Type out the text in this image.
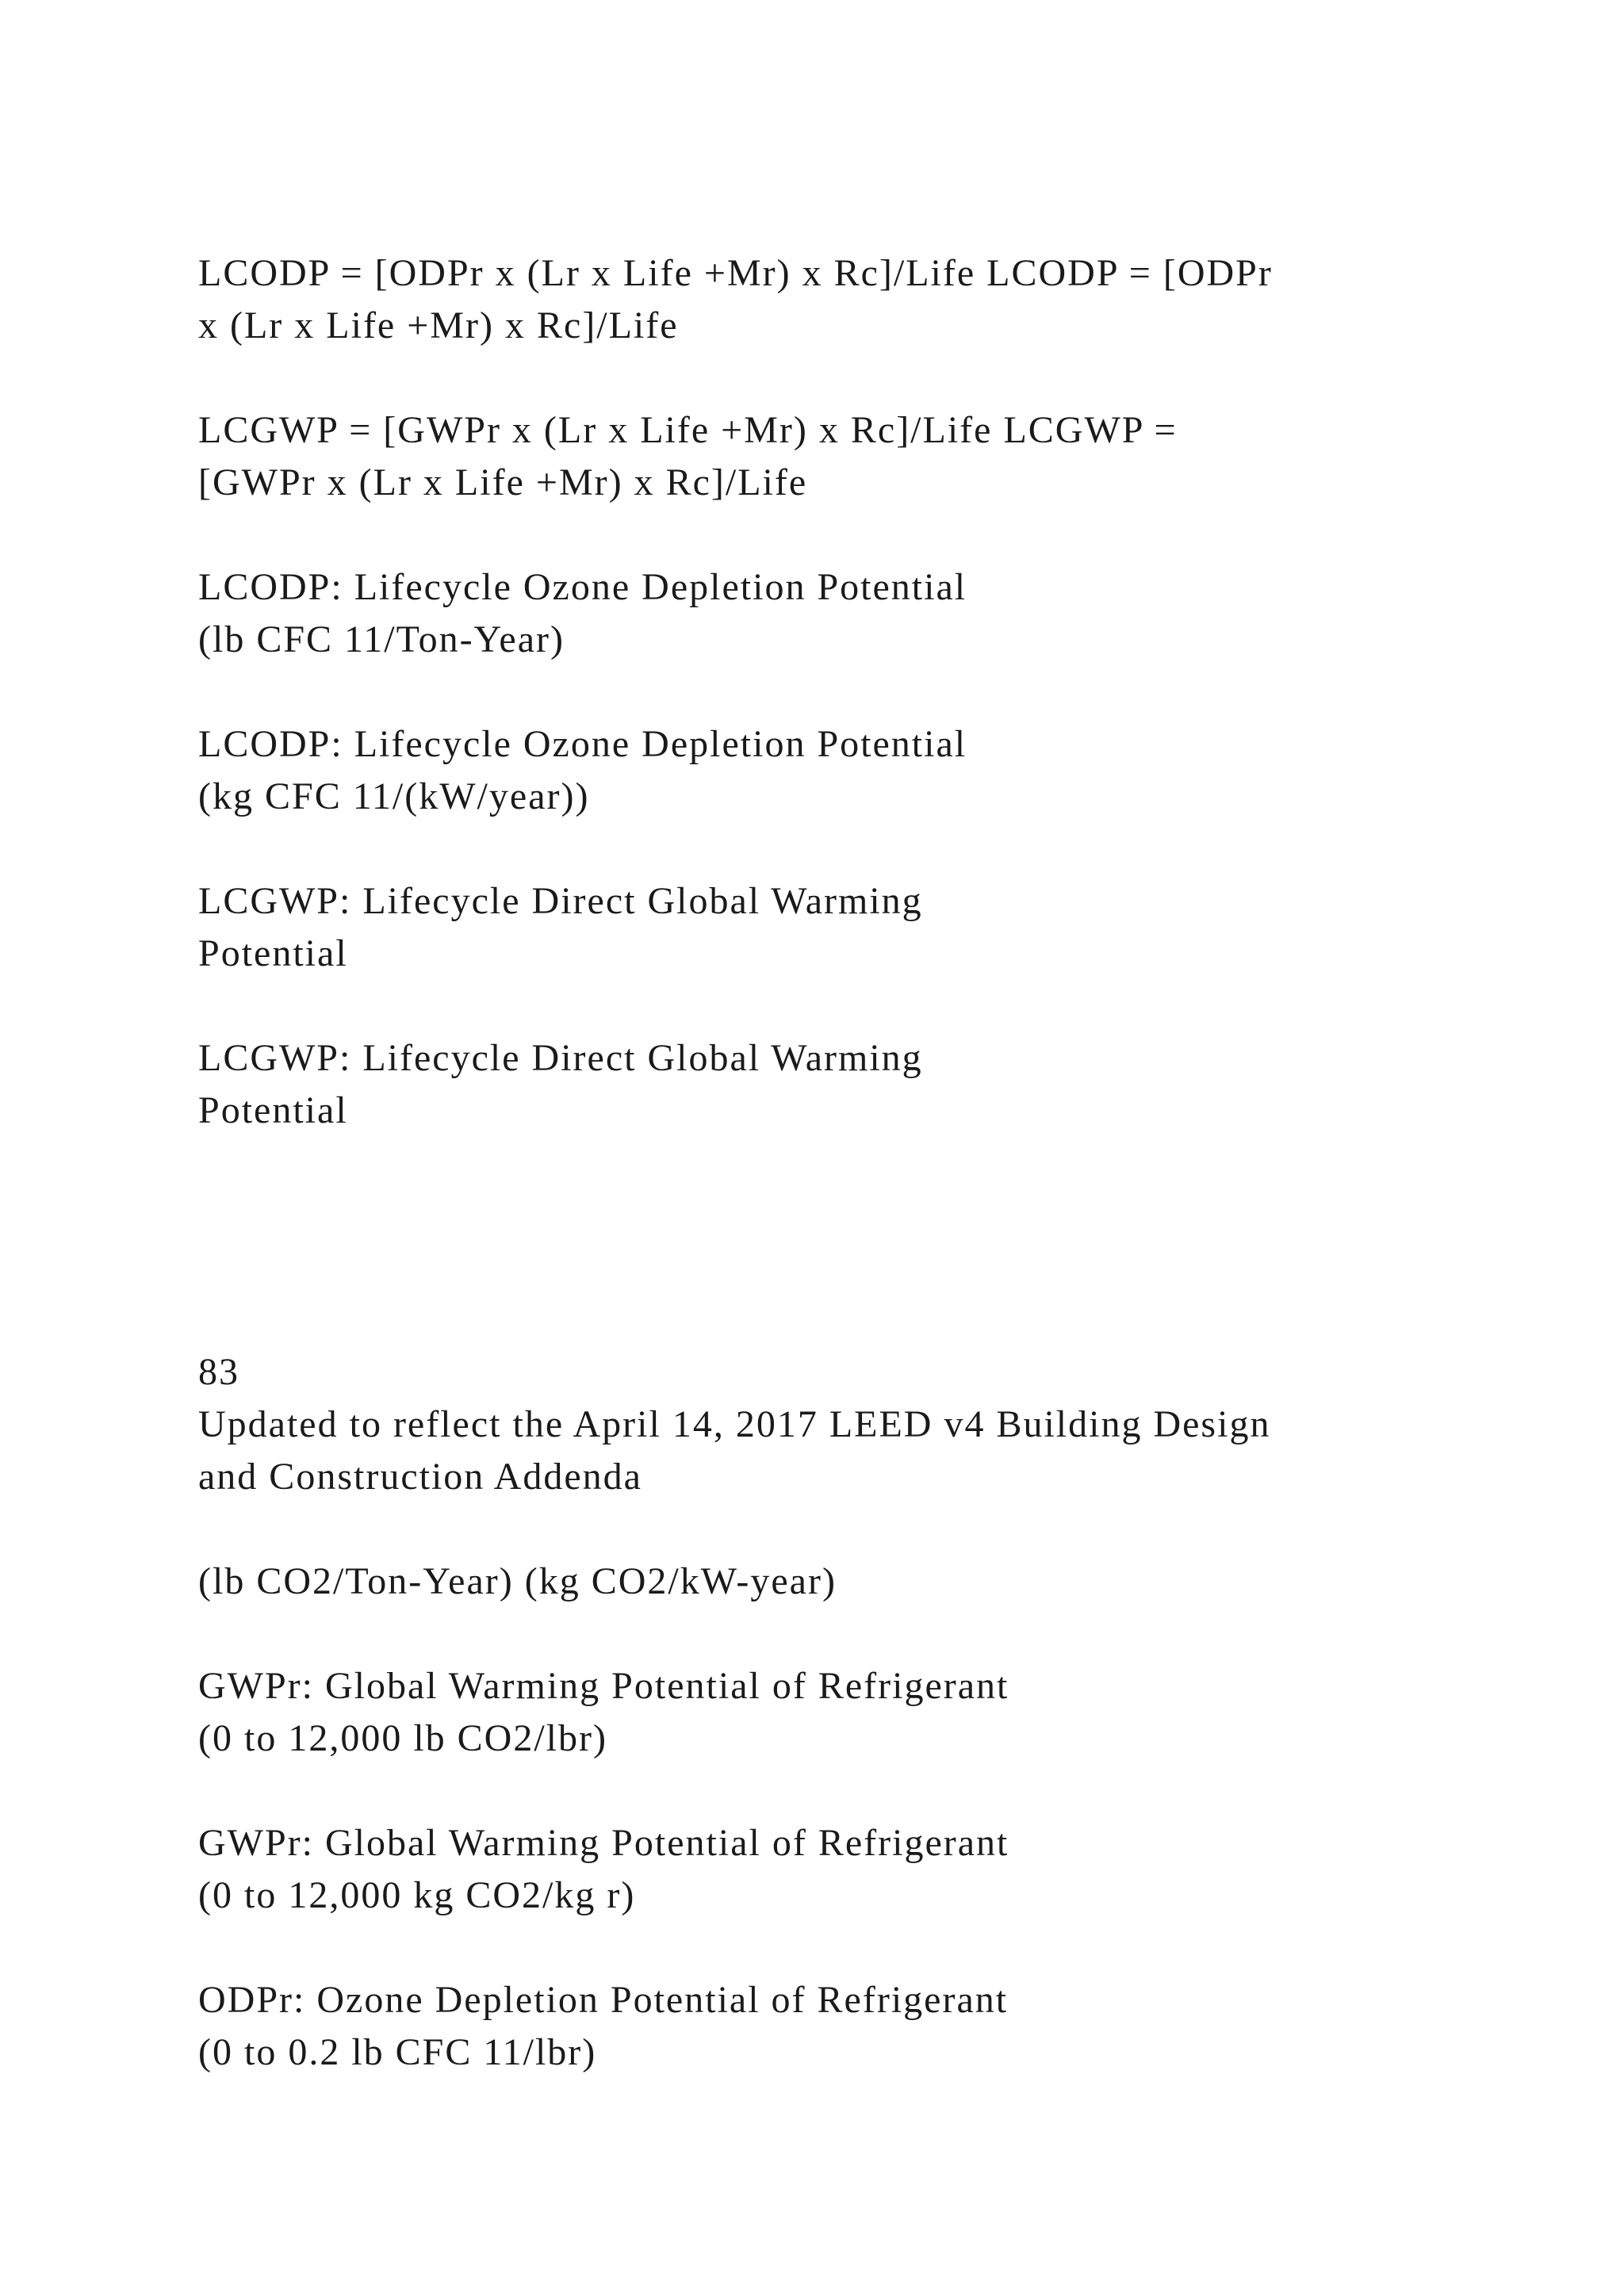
LCODP = [ODPr x (Lr x Life +Mr) x Rc]/Life LCODP = [ODPr
x (Lr x Life +Mr) x Rc]/Life

LCGWP = [GWPr x (Lr x Life +Mr) x Rc]/Life LCGWP =
[GWPr x (Lr x Life +Mr) x Rc]/Life

LCODP: Lifecycle Ozone Depletion Potential
(lb CFC 11/Ton-Year)

LCODP: Lifecycle Ozone Depletion Potential
(kg CFC 11/(kW/year))

LCGWP: Lifecycle Direct Global Warming
Potential

LCGWP: Lifecycle Direct Global Warming
Potential

83
Updated to reflect the April 14, 2017 LEED v4 Building Design
and Construction Addenda

(lb CO2/Ton-Year) (kg CO2/kW-year)

GWPr: Global Warming Potential of Refrigerant
(0 to 12,000 lb CO2/lbr)

GWPr: Global Warming Potential of Refrigerant
(0 to 12,000 kg CO2/kg r)

ODPr: Ozone Depletion Potential of Refrigerant
(0 to 0.2 lb CFC 11/lbr)
